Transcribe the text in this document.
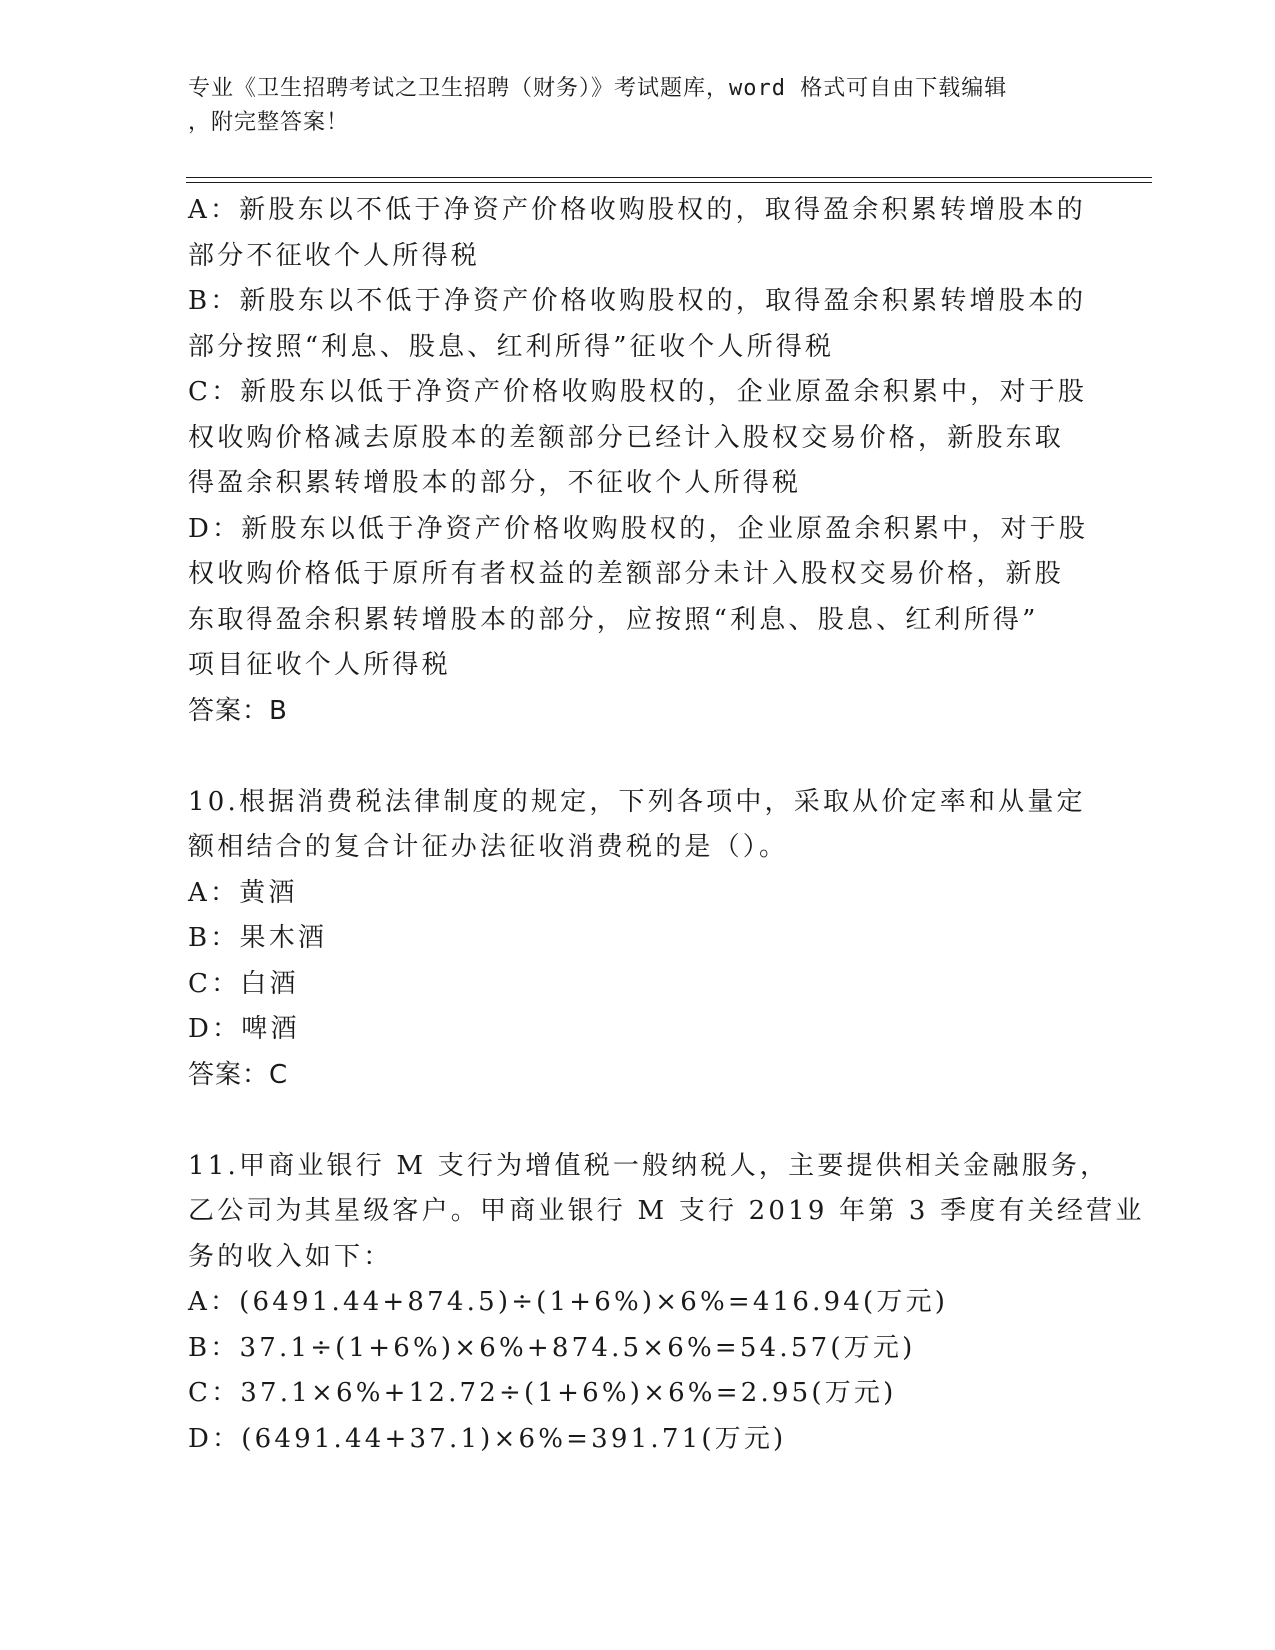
专业《卫生招聘考试之卫生招聘（财务）》考试题库，word 格式可自由下载编辑
，附完整答案！
A：新股东以不低于净资产价格收购股权的，取得盈余积累转增股本的
部分不征收个人所得税
B：新股东以不低于净资产价格收购股权的，取得盈余积累转增股本的
部分按照“利息、股息、红利所得”征收个人所得税
C：新股东以低于净资产价格收购股权的，企业原盈余积累中，对于股
权收购价格减去原股本的差额部分已经计入股权交易价格，新股东取
得盈余积累转增股本的部分，不征收个人所得税
D：新股东以低于净资产价格收购股权的，企业原盈余积累中，对于股
权收购价格低于原所有者权益的差额部分未计入股权交易价格，新股
东取得盈余积累转增股本的部分，应按照“利息、股息、红利所得”
项目征收个人所得税
答案：B
10.根据消费税法律制度的规定，下列各项中，采取从价定率和从量定
额相结合的复合计征办法征收消费税的是（）。
A：黄酒
B：果木酒
C：白酒
D：啤酒
答案：C
11.甲商业银行 M 支行为增值税一般纳税人，主要提供相关金融服务，
乙公司为其星级客户。甲商业银行 M 支行 2019 年第 3 季度有关经营业
务的收入如下：
A：(6491.44+874.5)÷(1+6%)×6%=416.94(万元)
B：37.1÷(1+6%)×6%+874.5×6%=54.57(万元)
C：37.1×6%+12.72÷(1+6%)×6%=2.95(万元)
D：(6491.44+37.1)×6%=391.71(万元)
